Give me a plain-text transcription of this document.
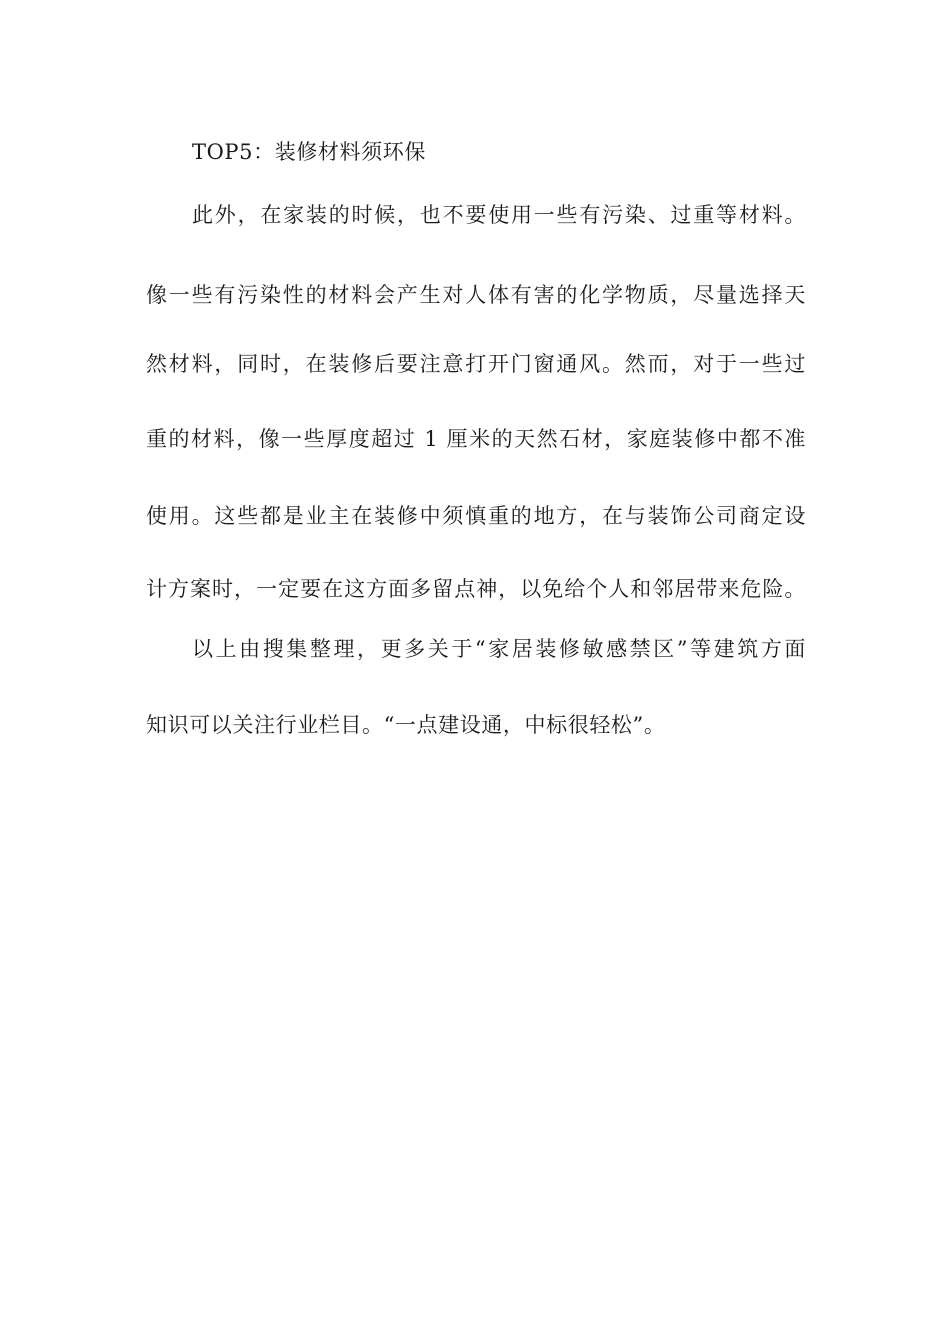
TOP5：装修材料须环保
此外，在家装的时候，也不要使用一些有污染、过重等材料。
像一些有污染性的材料会产生对人体有害的化学物质，尽量选择天
然材料，同时，在装修后要注意打开门窗通风。然而，对于一些过
重的材料，像一些厚度超过 1 厘米的天然石材，家庭装修中都不准
使用。这些都是业主在装修中须慎重的地方，在与装饰公司商定设
计方案时，一定要在这方面多留点神，以免给个人和邻居带来危险。
以上由搜集整理，更多关于“家居装修敏感禁区”等建筑方面
知识可以关注行业栏目。“一点建设通，中标很轻松”。
